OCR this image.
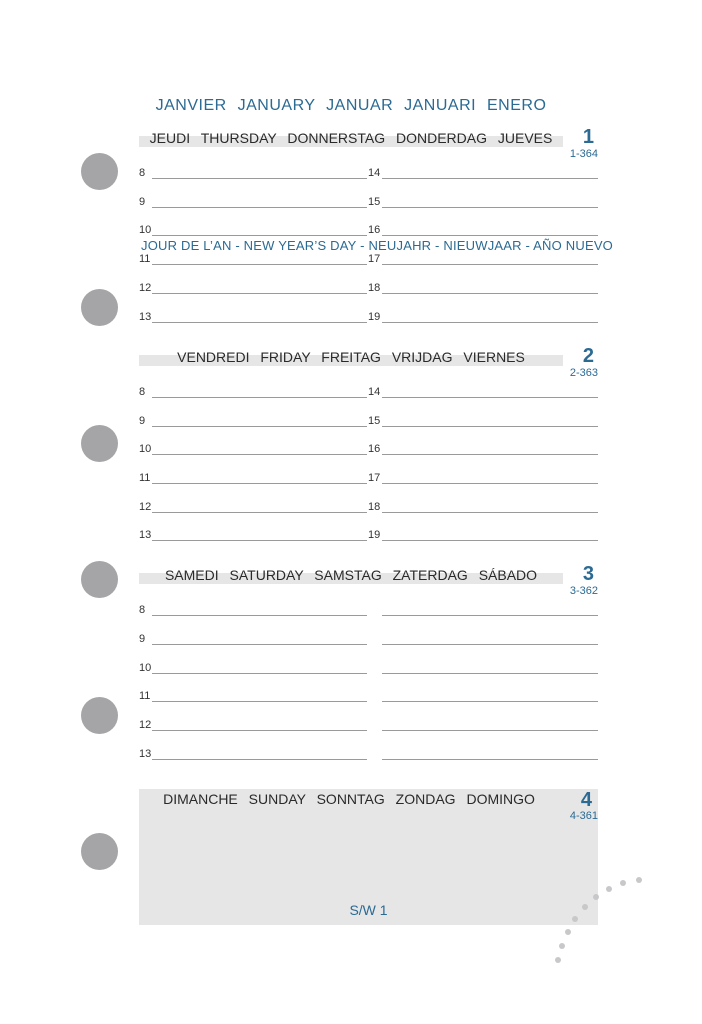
JANVIER JANUARY JANUAR JANUARI ENERO
JEUDI THURSDAY DONNERSTAG DONDERDAG JUEVES	1
1-364
8	14
9	15
10	16
JOUR DE L’AN - NEW YEAR’S DAY - NEUJAHR - NIEUWJAAR - AÑO NUEVO
11	17
12	18
13	19
VENDREDI FRIDAY FREITAG VRIJDAG VIERNES	2
2-363
8	14
9	15
10	16
11	17
12	18
13	19
SAMEDI SATURDAY SAMSTAG ZATERDAG SÁBADO	3
3-362
8
9
10
11
12
13
DIMANCHE SUNDAY SONNTAG ZONDAG DOMINGO	4
4-361
S/W 1
